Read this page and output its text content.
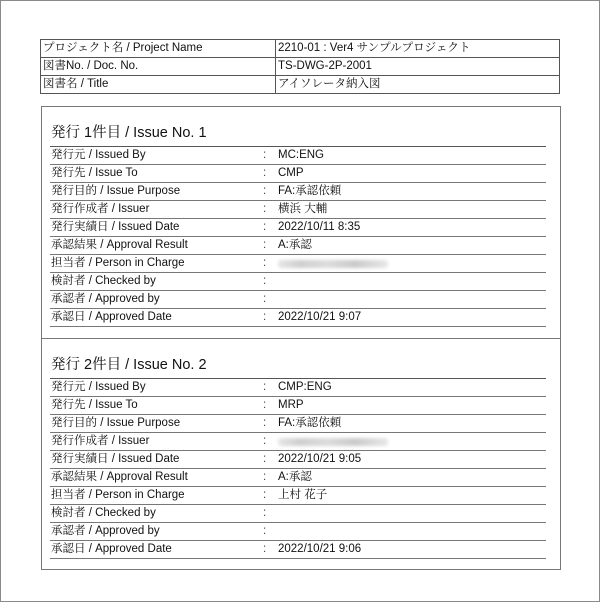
プロジェクト名 / Project Name	2210-01 : Ver4 サンプルプロジェクト
図書No. / Doc. No.	TS-DWG-2P-2001
図書名 / Title	アイソレータ納入図
発行 1件目 / Issue No. 1
発行元 / Issued By	: MC:ENG
発行先 / Issue To	: CMP
発行目的 / Issue Purpose	: FA:承認依頼
発行作成者 / Issuer	: 横浜 大輔
発行実績日 / Issued Date	: 2022/10/11 8:35
承認結果 / Approval Result	: A:承認
担当者 / Person in Charge	:
検討者 / Checked by	:
承認者 / Approved by	:
承認日 / Approved Date	: 2022/10/21 9:07
発行 2件目 / Issue No. 2
発行元 / Issued By	: CMP:ENG
発行先 / Issue To	: MRP
発行目的 / Issue Purpose	: FA:承認依頼
発行作成者 / Issuer	:
発行実績日 / Issued Date	: 2022/10/21 9:05
承認結果 / Approval Result	: A:承認
担当者 / Person in Charge	: 上村 花子
検討者 / Checked by	:
承認者 / Approved by	:
承認日 / Approved Date	: 2022/10/21 9:06
